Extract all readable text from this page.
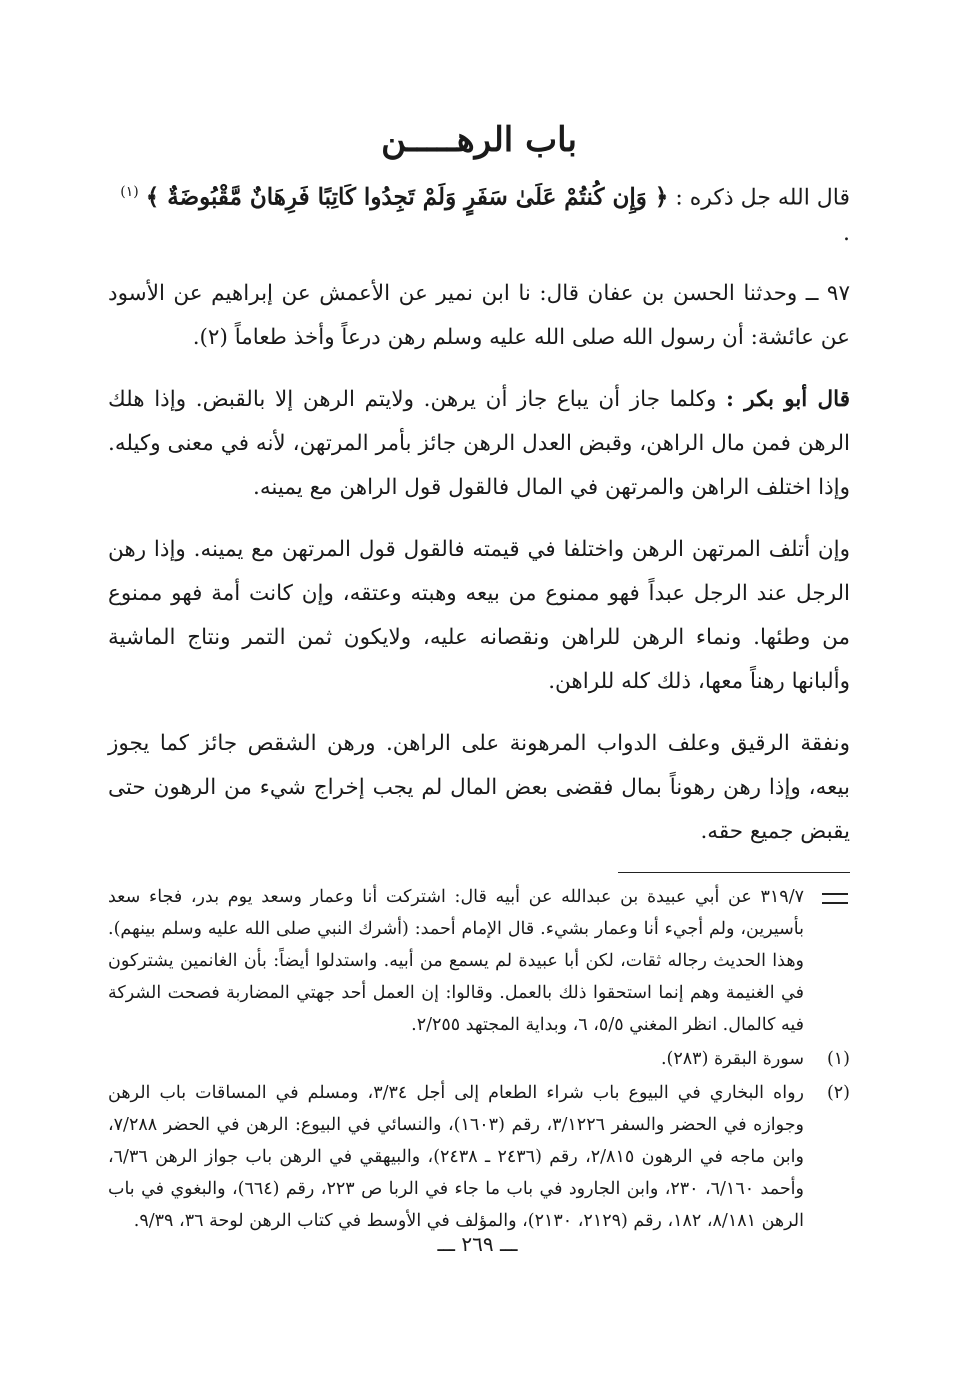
باب الرهـــــن
قال الله جل ذكره : ﴿ وَإِن كُنتُمْ عَلَىٰ سَفَرٍ وَلَمْ تَجِدُوا كَاتِبًا فَرِهَانٌ مَّقْبُوضَةٌ ﴾ $^{(١)}$ .

٩٧ ــ وحدثنا الحسن بن عفان قال: نا ابن نمير عن الأعمش عن إبراهيم عن الأسود عن عائشة: أن رسول الله صلى الله عليه وسلم رهن درعاً وأخذ طعاماً (٢).

قال أبو بكر : وكلما جاز أن يباع جاز أن يرهن. ولايتم الرهن إلا بالقبض. وإذا هلك الرهن فمن مال الراهن، وقبض العدل الرهن جائز بأمر المرتهن، لأنه في معنى وكيله. وإذا اختلف الراهن والمرتهن في المال فالقول قول الراهن مع يمينه.

وإن أتلف المرتهن الرهن واختلفا في قيمته فالقول قول المرتهن مع يمينه. وإذا رهن الرجل عند الرجل عبداً فهو ممنوع من بيعه وهبته وعتقه، وإن كانت أمة فهو ممنوع من وطئها. ونماء الرهن للراهن ونقصانه عليه، ولايكون ثمن التمر ونتاج الماشية وألبانها رهناً معها، ذلك كله للراهن.

ونفقة الرقيق وعلف الدواب المرهونة على الراهن. ورهن الشقص جائز كما يجوز بيعه، وإذا رهن رهوناً بمال فقضى بعض المال لم يجب إخراج شيء من الرهون حتى يقبض جميع حقه.

٣١٩/٧ عن أبي عبيدة بن عبدالله عن أبيه قال: اشتركت أنا وعمار وسعد يوم بدر، فجاء سعد بأسيرين، ولم أجيء أنا وعمار بشيء. قال الإمام أحمد: (أشرك النبي صلى الله عليه وسلم بينهم). وهذا الحديث رجاله ثقات، لكن أبا عبيدة لم يسمع من أبيه. واستدلوا أيضاً: بأن الغانمين يشتركون في الغنيمة وهم إنما استحقوا ذلك بالعمل. وقالوا: إن العمل أحد جهتي المضاربة فصحت الشركة فيه كالمال. انظر المغني ٥/٥، ٦، وبداية المجتهد ٢/٢٥٥.
(١)
سورة البقرة (٢٨٣).
(٢)
رواه البخاري في البيوع باب شراء الطعام إلى أجل ٣/٣٤، ومسلم في المساقات باب الرهن وجوازه في الحضر والسفر ٣/١٢٢٦، رقم (١٦٠٣)، والنسائي في البيوع: الرهن في الحضر ٧/٢٨٨، وابن ماجه في الرهون ٢/٨١٥، رقم (٢٤٣٦ ـ ٢٤٣٨)، والبيهقي في الرهن باب جواز الرهن ٦/٣٦، وأحمد ٦/١٦٠، ٢٣٠، وابن الجارود في باب ما جاء في الربا ص ٢٢٣، رقم (٦٦٤)، والبغوي في باب الرهن ٨/١٨١، ١٨٢، رقم (٢١٢٩، ٢١٣٠)، والمؤلف في الأوسط في كتاب الرهن لوحة ٣٦، ٩/٣٩.
ـــ ٢٦٩ ـــ
